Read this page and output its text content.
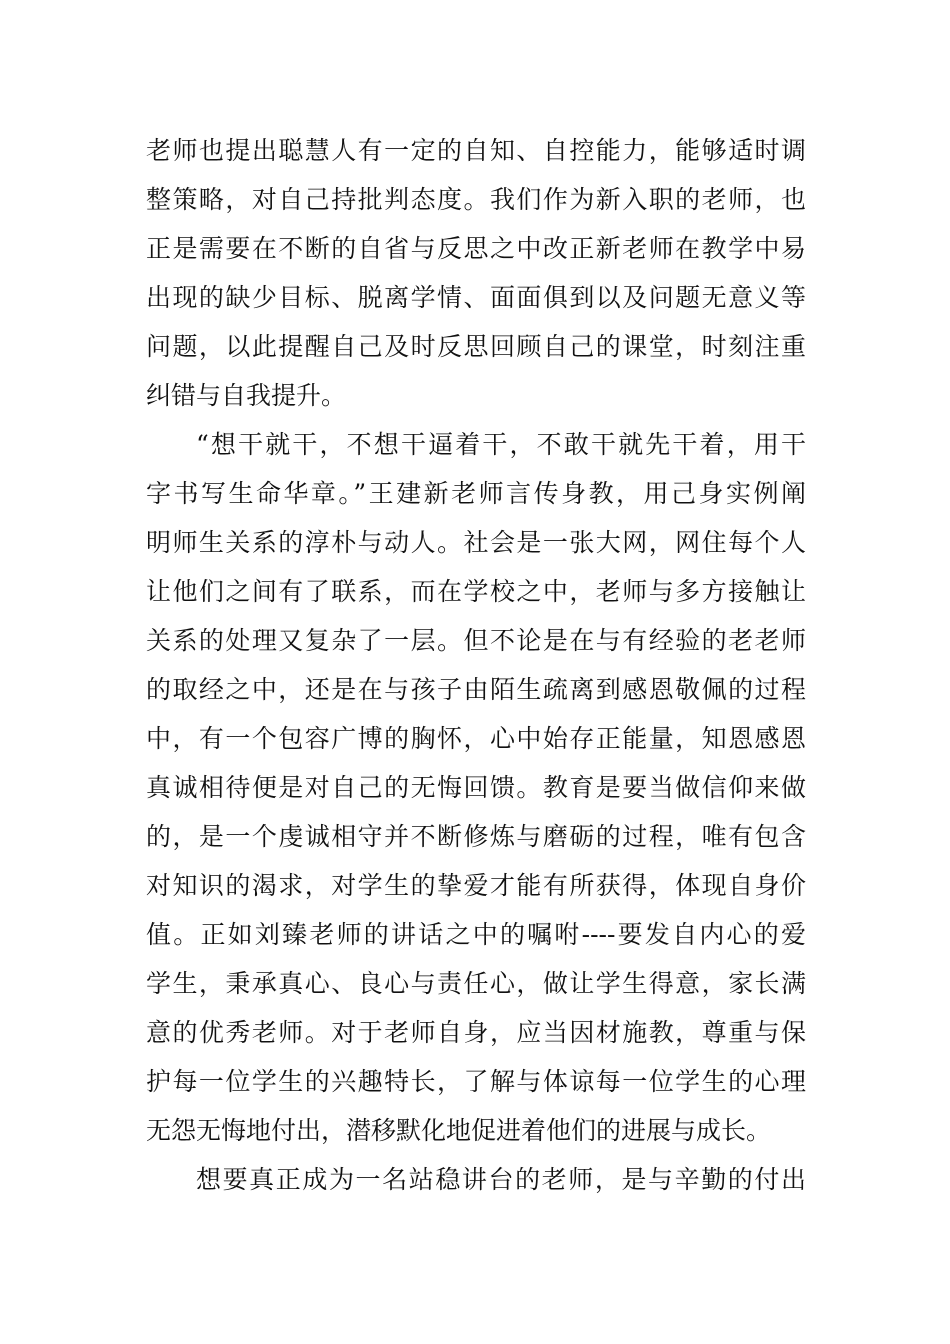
老师也提出聪慧人有一定的自知、自控能力，能够适时调
整策略，对自己持批判态度。我们作为新入职的老师，也
正是需要在不断的自省与反思之中改正新老师在教学中易
出现的缺少目标、脱离学情、面面俱到以及问题无意义等
问题，以此提醒自己及时反思回顾自己的课堂，时刻注重
纠错与自我提升。
“想干就干，不想干逼着干，不敢干就先干着，用干
字书写生命华章。”王建新老师言传身教，用己身实例阐
明师生关系的淳朴与动人。社会是一张大网，网住每个人
让他们之间有了联系，而在学校之中，老师与多方接触让
关系的处理又复杂了一层。但不论是在与有经验的老老师
的取经之中，还是在与孩子由陌生疏离到感恩敬佩的过程
中，有一个包容广博的胸怀，心中始存正能量，知恩感恩
真诚相待便是对自己的无悔回馈。教育是要当做信仰来做
的，是一个虔诚相守并不断修炼与磨砺的过程，唯有包含
对知识的渴求，对学生的挚爱才能有所获得，体现自身价
值。正如刘臻老师的讲话之中的嘱咐----要发自内心的爱
学生，秉承真心、良心与责任心，做让学生得意，家长满
意的优秀老师。对于老师自身，应当因材施教，尊重与保
护每一位学生的兴趣特长，了解与体谅每一位学生的心理
无怨无悔地付出，潜移默化地促进着他们的进展与成长。
想要真正成为一名站稳讲台的老师，是与辛勤的付出
